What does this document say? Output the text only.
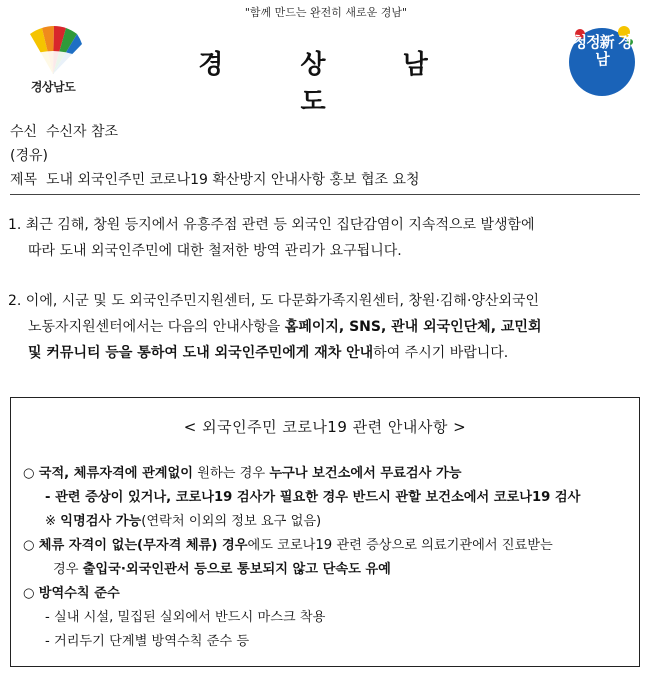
"함께 만드는 완전히 새로운 경남"
경상남도
경 상 남 도
청정新 경남
수신 수신자 참조
(경유)
제목 도내 외국인주민 코로나19 확산방지 안내사항 홍보 협조 요청

1. 최근 김해, 창원 등지에서 유흥주점 관련 등 외국인 집단감염이 지속적으로 발생함에

따라 도내 외국인주민에 대한 철저한 방역 관리가 요구됩니다.

2. 이에, 시군 및 도 외국인주민지원센터, 도 다문화가족지원센터, 창원·김해·양산외국인

노동자지원센터에서는 다음의 안내사항을 홈페이지, SNS, 관내 외국인단체, 교민회

및 커뮤니티 등을 통하여 도내 외국인주민에게 재차 안내하여 주시기 바랍니다.

< 외국인주민 코로나19 관련 안내사항 >
○ 국적, 체류자격에 관계없이 원하는 경우 누구나 보건소에서 무료검사 가능
- 관련 증상이 있거나, 코로나19 검사가 필요한 경우 반드시 관할 보건소에서 코로나19 검사
※ 익명검사 가능(연락처 이외의 정보 요구 없음)
○ 체류 자격이 없는(무자격 체류) 경우에도 코로나19 관련 증상으로 의료기관에서 진료받는
경우 출입국·외국인관서 등으로 통보되지 않고 단속도 유예
○ 방역수칙 준수
- 실내 시설, 밀집된 실외에서 반드시 마스크 착용
- 거리두기 단계별 방역수칙 준수 등
